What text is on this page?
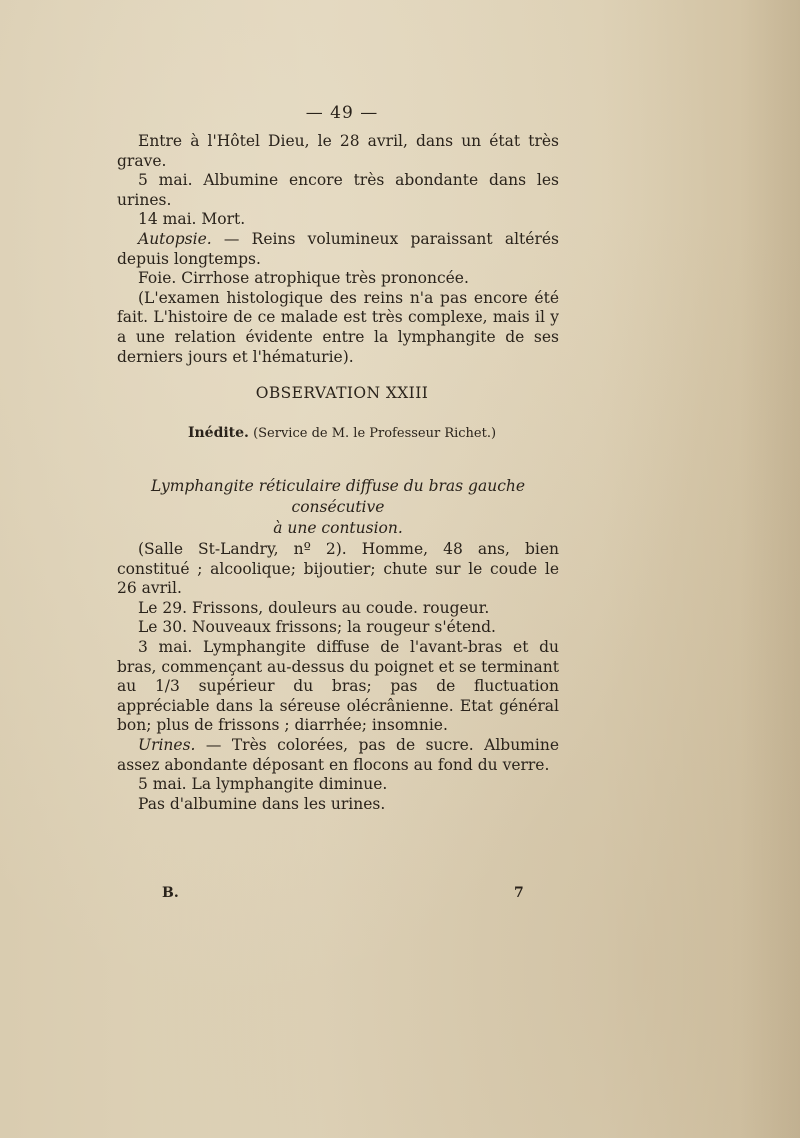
— 49 —

Entre à l'Hôtel Dieu, le 28 avril, dans un état très grave.

5 mai. Albumine encore très abondante dans les urines.

14 mai. Mort.

Autopsie. — Reins volumineux paraissant altérés depuis longtemps.

Foie. Cirrhose atrophique très prononcée.

(L'examen histologique des reins n'a pas encore été fait. L'histoire de ce malade est très complexe, mais il y a une relation évidente entre la lymphangite de ses derniers jours et l'hématurie).

OBSERVATION XXIII
Inédite. (Service de M. le Professeur Richet.)
Lymphangite réticulaire diffuse du bras gauche consécutive
à une contusion.

(Salle St-Landry, nº 2). Homme, 48 ans, bien constitué ; alcoolique; bijoutier; chute sur le coude le 26 avril.

Le 29. Frissons, douleurs au coude. rougeur.

Le 30. Nouveaux frissons; la rougeur s'étend.

3 mai. Lymphangite diffuse de l'avant-bras et du bras, commençant au-dessus du poignet et se terminant au 1/3 supérieur du bras; pas de fluctuation appréciable dans la séreuse olécrânienne. Etat général bon; plus de frissons ; diarrhée; insomnie.

Urines. — Très colorées, pas de sucre. Albumine assez abondante déposant en flocons au fond du verre.

5 mai. La lymphangite diminue.

Pas d'albumine dans les urines.

B.	7
